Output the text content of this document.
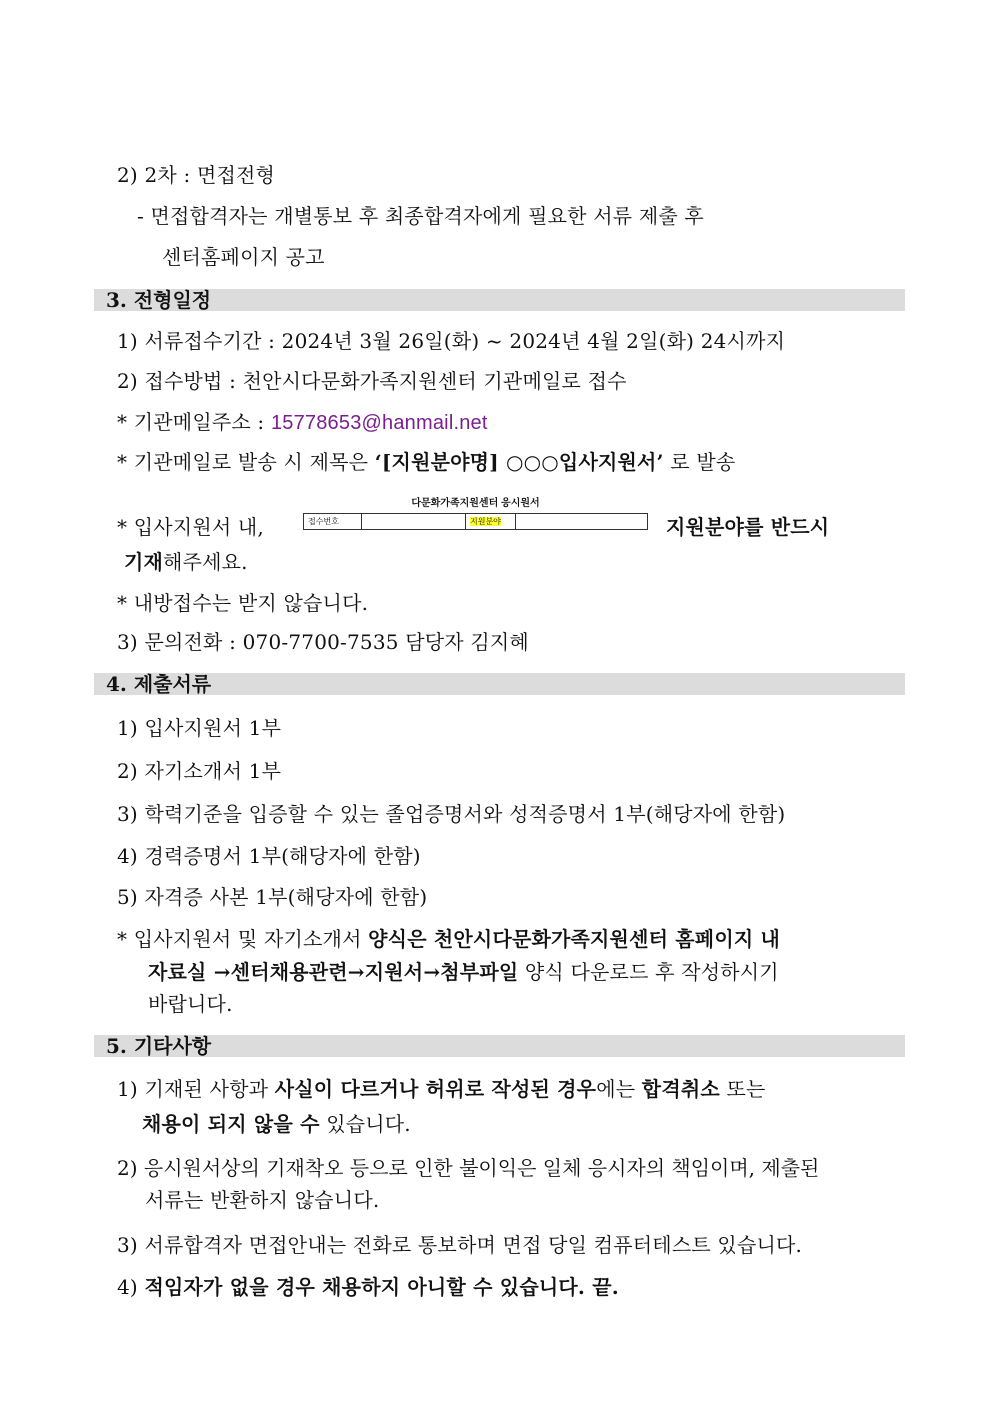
2) 2차 : 면접전형
- 면접합격자는 개별통보 후 최종합격자에게 필요한 서류 제출 후
센터홈페이지 공고
3. 전형일정
1) 서류접수기간 : 2024년 3월 26일(화) ~ 2024년 4월 2일(화) 24시까지
2) 접수방법 : 천안시다문화가족지원센터 기관메일로 접수
* 기관메일주소 : 15778653@hanmail.net
* 기관메일로 발송 시 제목은 ‘[지원분야명] ○○○입사지원서’ 로 발송
* 입사지원서 내,
다문화가족지원센터 응시원서
접수번호	지원분야	지원분야를 반드시
기재해주세요.
* 내방접수는 받지 않습니다.
3) 문의전화 : 070-7700-7535 담당자 김지혜
4. 제출서류
1) 입사지원서 1부
2) 자기소개서 1부
3) 학력기준을 입증할 수 있는 졸업증명서와 성적증명서 1부(해당자에 한함)
4) 경력증명서 1부(해당자에 한함)
5) 자격증 사본 1부(해당자에 한함)
* 입사지원서 및 자기소개서 양식은 천안시다문화가족지원센터 홈페이지 내
자료실 →센터채용관련→지원서→첨부파일 양식 다운로드 후 작성하시기
바랍니다.
5. 기타사항
1) 기재된 사항과 사실이 다르거나 허위로 작성된 경우에는 합격취소 또는
채용이 되지 않을 수 있습니다.
2) 응시원서상의 기재착오 등으로 인한 불이익은 일체 응시자의 책임이며, 제출된
서류는 반환하지 않습니다.
3) 서류합격자 면접안내는 전화로 통보하며 면접 당일 컴퓨터테스트 있습니다.
4) 적임자가 없을 경우 채용하지 아니할 수 있습니다. 끝.
